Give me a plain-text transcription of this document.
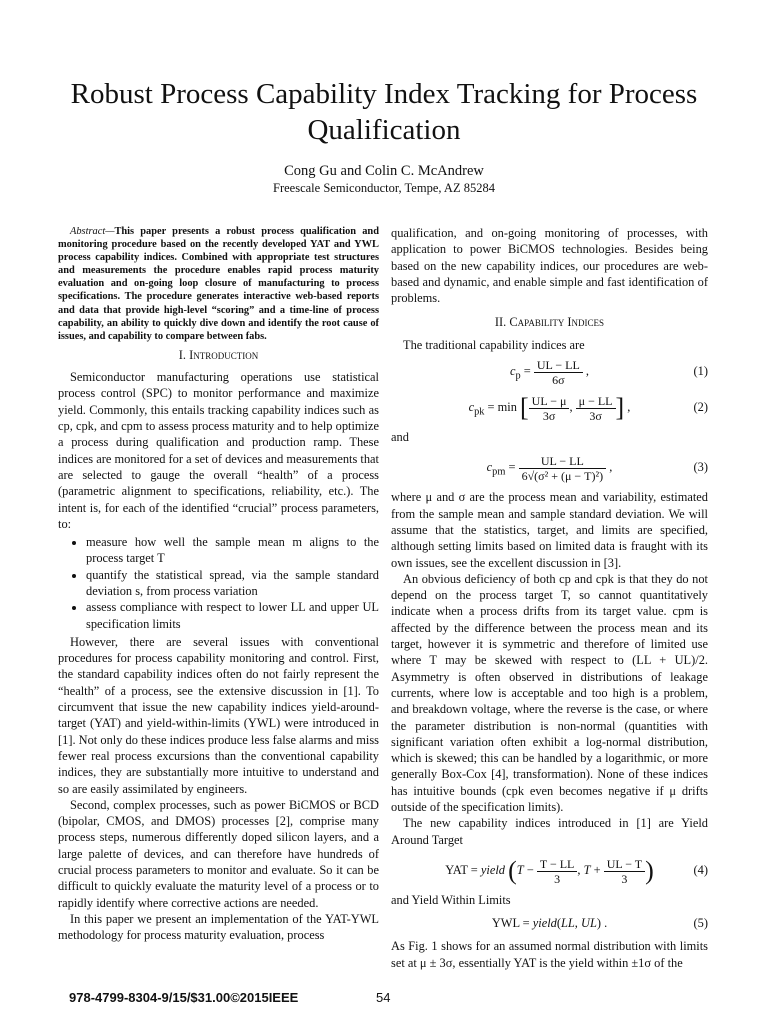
Robust Process Capability Index Tracking for Process Qualification
Cong Gu and Colin C. McAndrew
Freescale Semiconductor, Tempe, AZ 85284

Abstract—This paper presents a robust process qualification and monitoring procedure based on the recently developed YAT and YWL process capability indices. Combined with appropriate test structures and measurements the procedure enables rapid process maturity evaluation and on-going loop closure of manufacturing to process specifications. The procedure generates interactive web-based reports and data that provide high-level “scoring” and a time-line of process capability, an ability to quickly dive down and identify the root cause of issues, and capability to compare between fabs.

I. Introduction

Semiconductor manufacturing operations use statistical process control (SPC) to monitor performance and maximize yield. Commonly, this entails tracking capability indices such as cp, cpk, and cpm to assess process maturity and to help optimize a process during qualification and production ramp. These indices are monitored for a set of devices and measurements that are selected to gauge the overall “health” of a process (parametric alignment to specifications, reliability, etc.). The intent is, for each of the identified “crucial” process parameters, to:

• measure how well the sample mean m aligns to the process target T
• quantify the statistical spread, via the sample standard deviation s, from process variation
• assess compliance with respect to lower LL and upper UL specification limits

However, there are several issues with conventional procedures for process capability monitoring and control. First, the standard capability indices often do not fairly represent the “health” of a process, see the extensive discussion in [1]. To circumvent that issue the new capability indices yield-around-target (YAT) and yield-within-limits (YWL) were introduced in [1]. Not only do these indices produce less false alarms and miss fewer real process excursions than the conventional capability indices, they are substantially more intuitive to understand and so are easily assimilated by engineers.

Second, complex processes, such as power BiCMOS or BCD (bipolar, CMOS, and DMOS) processes [2], comprise many process steps, numerous differently doped silicon layers, and a large palette of devices, and can therefore have hundreds of crucial process parameters to monitor and evaluate. So it can be difficult to quickly evaluate the maturity level of a process or to rapidly identify where corrective actions are needed.

In this paper we present an implementation of the YAT-YWL methodology for process maturity evaluation, process

qualification, and on-going monitoring of processes, with application to power BiCMOS technologies. Besides being based on the new capability indices, our procedures are web-based and dynamic, and enable simple and fast identification of problems.

II. Capability Indices

The traditional capability indices are

$c_p = \frac{UL - LL}{6\sigma}$ ,	(1)
$c_{pk} = \min$ [ $\frac{UL - \mu}{3\sigma}$ , $\frac{\mu - LL}{3\sigma}$ ] ,	(2)
and
$c_{pm} = \frac{UL - LL}{\text{6√(σ² + (μ − T)²)}}$ ,	(3)

where μ and σ are the process mean and variability, estimated from the sample mean and sample standard deviation. We will assume that the statistics, target, and limits are specified, although setting limits based on limited data is fraught with its own issues, see the excellent discussion in [3].

An obvious deficiency of both cp and cpk is that they do not depend on the process target T, so cannot quantitatively indicate when a process drifts from its target value. cpm is affected by the difference between the process mean and its target, however it is symmetric and therefore of limited use where T may be skewed with respect to (LL + UL)/2. Asymmetry is often observed in distributions of leakage currents, where low is acceptable and too high is a problem, and breakdown voltage, where the reverse is the case, or where the parameter distribution is non-normal (quantities with significant variation often exhibit a log-normal distribution, which is skewed; this can be handled by a logarithmic, or more generally Box-Cox [4], transformation). None of these indices has intuitive bounds (cpk even becomes negative if μ drifts outside of the specification limits).

The new capability indices introduced in [1] are Yield Around Target

YAT = yield ($T - \frac{T - LL}{3}$ , $T + \frac{UL - T}{3}$ )	(4)

and Yield Within Limits

YWL = yield(LL, UL) .	(5)

As Fig. 1 shows for an assumed normal distribution with limits set at μ ± 3σ, essentially YAT is the yield within ±1σ of the

978-4799-8304-9/15/$31.00©2015IEEE	54
